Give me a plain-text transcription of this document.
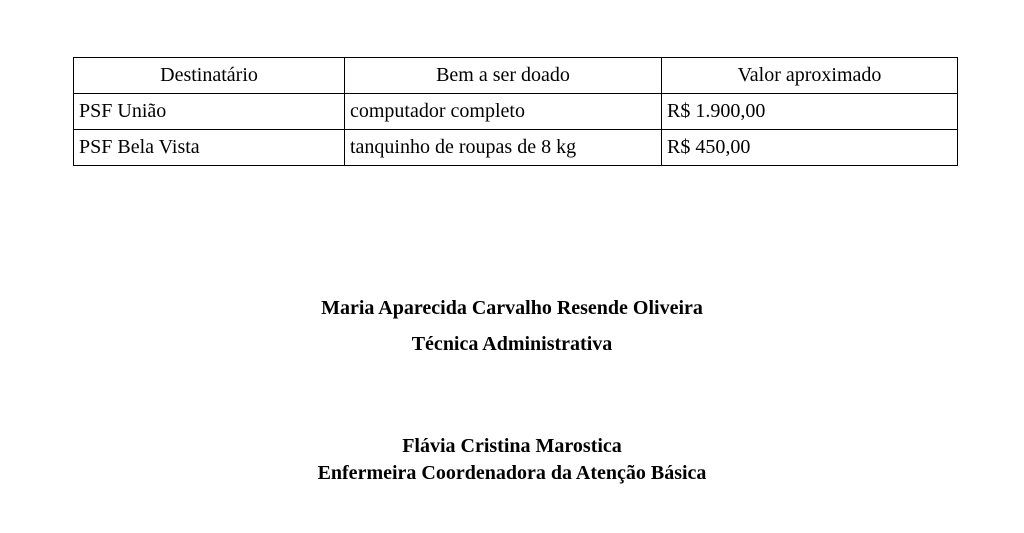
Destinatário	Bem a ser doado	Valor aproximado
PSF União	computador completo	R$ 1.900,00
PSF Bela Vista	tanquinho de roupas de 8 kg	R$ 450,00
Maria Aparecida Carvalho Resende Oliveira
Técnica Administrativa
Flávia Cristina Marostica
Enfermeira Coordenadora da Atenção Básica
